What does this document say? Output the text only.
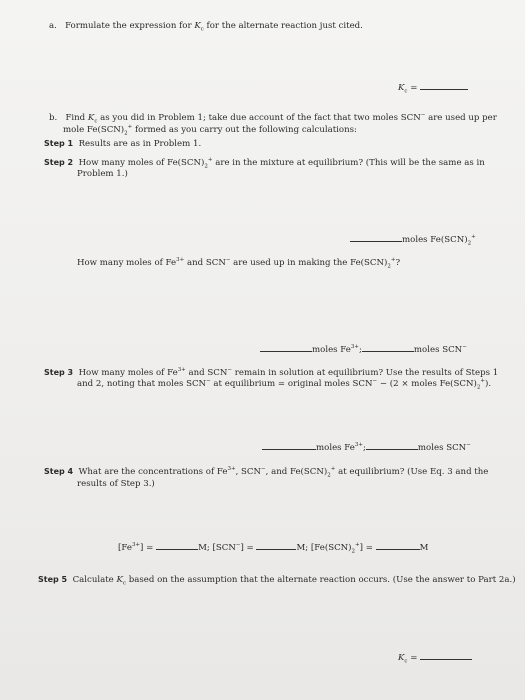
a. Formulate the expression for $K_c$ for the alternate reaction just cited.
$K_c$ =
b. Find $K_c$ as you did in Problem 1; take due account of the fact that two moles SCN− are used up per
mole $Fe(SCN)_2^+$ formed as you carry out the following calculations:
Step 1 Results are as in Problem 1.
Step 2 How many moles of $Fe(SCN)_2^+$ are in the mixture at equilibrium? (This will be the same as in
Problem 1.)
moles $Fe(SCN)_2^+$
How many moles of $Fe^{3+}$ and SCN− are used up in making the $Fe(SCN)_2^+$?
moles $Fe^{3+}$;	moles SCN−
Step 3 How many moles of $Fe^{3+}$ and SCN− remain in solution at equilibrium? Use the results of Steps 1
and 2, noting that moles SCN− at equilibrium = original moles SCN− − (2 × moles $Fe(SCN)_2^+$).
moles $Fe^{3+}$;	moles SCN−
Step 4 What are the concentrations of $Fe^{3+}$, SCN−, and $Fe(SCN)_2^+$ at equilibrium? (Use Eq. 3 and the
results of Step 3.)
$[Fe^{3+}]$ =	M; [SCN−] =	M; $[Fe(SCN)_2^+]$ =	M
Step 5 Calculate $K_c$ based on the assumption that the alternate reaction occurs. (Use the answer to Part 2a.)
$K_c$ =
